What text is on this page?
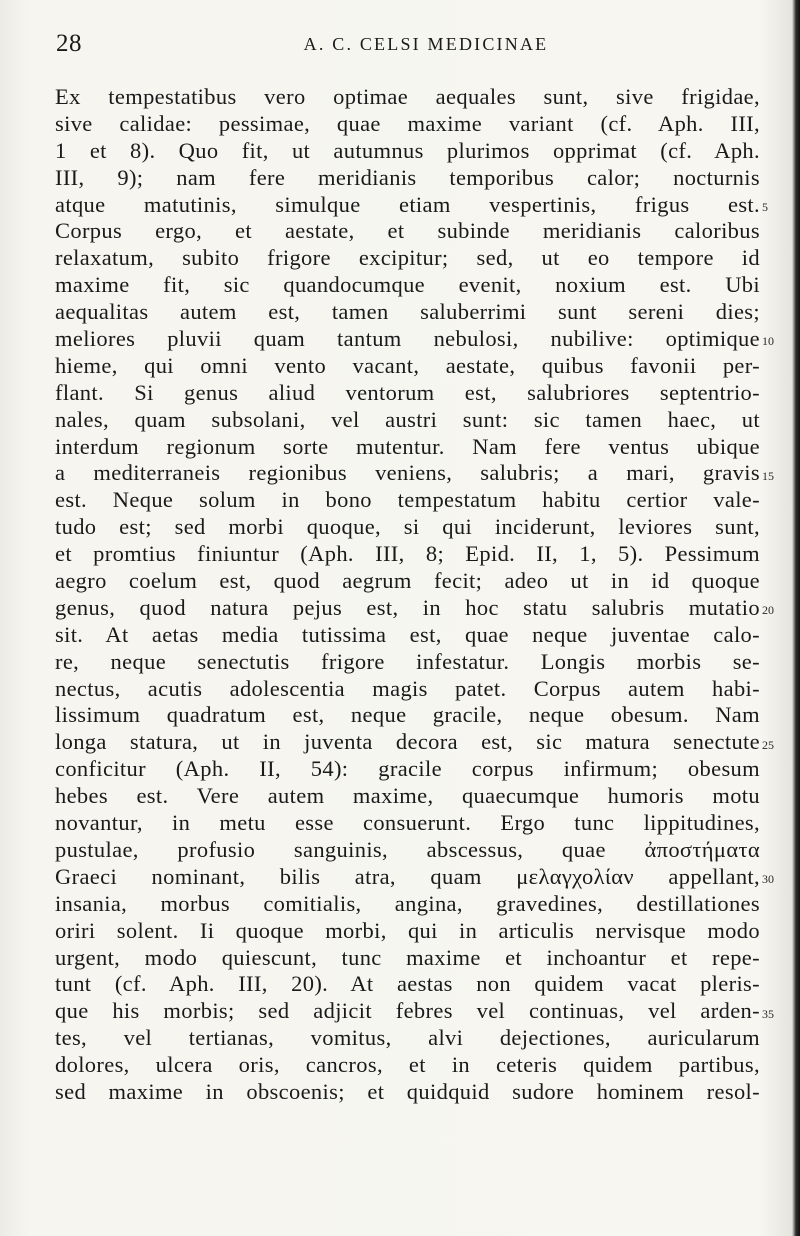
28	A. C. CELSI MEDICINAE
Ex tempestatibus vero optimae aequales sunt, sive frigidae,
sive calidae: pessimae, quae maxime variant (cf. Aph. III,
1 et 8). Quo fit, ut autumnus plurimos opprimat (cf. Aph.
III, 9); nam fere meridianis temporibus calor; nocturnis
atque matutinis, simulque etiam vespertinis, frigus est.
Corpus ergo, et aestate, et subinde meridianis caloribus
relaxatum, subito frigore excipitur; sed, ut eo tempore id
maxime fit, sic quandocumque evenit, noxium est. Ubi
aequalitas autem est, tamen saluberrimi sunt sereni dies;
meliores pluvii quam tantum nebulosi, nubilive: optimique
hieme, qui omni vento vacant, aestate, quibus favonii per-
flant. Si genus aliud ventorum est, salubriores septentrio-
nales, quam subsolani, vel austri sunt: sic tamen haec, ut
interdum regionum sorte mutentur. Nam fere ventus ubique
a mediterraneis regionibus veniens, salubris; a mari, gravis
est. Neque solum in bono tempestatum habitu certior vale-
tudo est; sed morbi quoque, si qui inciderunt, leviores sunt,
et promtius finiuntur (Aph. III, 8; Epid. II, 1, 5). Pessimum
aegro coelum est, quod aegrum fecit; adeo ut in id quoque
genus, quod natura pejus est, in hoc statu salubris mutatio
sit. At aetas media tutissima est, quae neque juventae calo-
re, neque senectutis frigore infestatur. Longis morbis se-
nectus, acutis adolescentia magis patet. Corpus autem habi-
lissimum quadratum est, neque gracile, neque obesum. Nam
longa statura, ut in juventa decora est, sic matura senectute
conficitur (Aph. II, 54): gracile corpus infirmum; obesum
hebes est. Vere autem maxime, quaecumque humoris motu
novantur, in metu esse consuerunt. Ergo tunc lippitudines,
pustulae, profusio sanguinis, abscessus, quae ἀποστήματα
Graeci nominant, bilis atra, quam μελαγχολίαν appellant,
insania, morbus comitialis, angina, gravedines, destillationes
oriri solent. Ii quoque morbi, qui in articulis nervisque modo
urgent, modo quiescunt, tunc maxime et inchoantur et repe-
tunt (cf. Aph. III, 20). At aestas non quidem vacat pleris-
que his morbis; sed adjicit febres vel continuas, vel arden-
tes, vel tertianas, vomitus, alvi dejectiones, auricularum
dolores, ulcera oris, cancros, et in ceteris quidem partibus,
sed maxime in obscoenis; et quidquid sudore hominem resol-
5
10
15
20
25
30
35
